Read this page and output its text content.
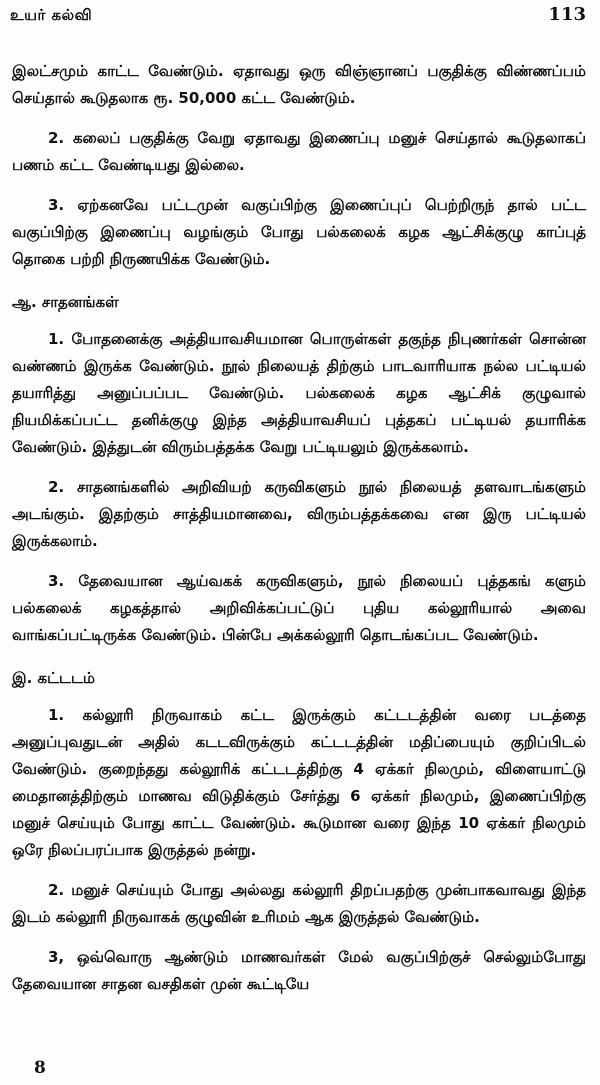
உயர் கல்வி	113

இலட்சமும் காட்ட வேண்டும். ஏதாவது ஒரு விஞ்ஞானப் பகுதிக்கு விண்ணப்பம் செய்தால் கூடுதலாக ரூ. 50,000 கட்ட வேண்டும்.

2. கலைப் பகுதிக்கு வேறு ஏதாவது இணைப்பு மனுச் செய்தால் கூடுதலாகப் பணம் கட்ட வேண்டியது இல்லை.

3. ஏற்கனவே பட்டமுன் வகுப்பிற்கு இணைப்புப் பெற்றிருந் தால் பட்ட வகுப்பிற்கு இணைப்பு வழங்கும் போது பல்கலைக் கழக ஆட்சிக்குழு காப்புத் தொகை பற்றி நிருணயிக்க வேண்டும்.

ஆ. சாதனங்கள்

1. போதனைக்கு அத்தியாவசியமான பொருள்கள் தகுந்த நிபுணர்கள் சொன்ன வண்ணம் இருக்க வேண்டும். நூல் நிலையத் திற்கும் பாடவாரியாக நல்ல பட்டியல் தயாரித்து அனுப்பப்பட வேண்டும். பல்கலைக் கழக ஆட்சிக் குழுவால் நியமிக்கப்பட்ட தனிக்குழு இந்த அத்தியாவசியப் புத்தகப் பட்டியல் தயாரிக்க வேண்டும். இத்துடன் விரும்பத்தக்க வேறு பட்டியலும் இருக்கலாம்.

2. சாதனங்களில் அறிவியற் கருவிகளும் நூல் நிலையத் தளவாடங்களும் அடங்கும். இதற்கும் சாத்தியமானவை, விரும்பத்தக்கவை என இரு பட்டியல் இருக்கலாம்.

3. தேவையான ஆய்வகக் கருவிகளும், நூல் நிலையப் புத்தகங் களும் பல்கலைக் கழகத்தால் அறிவிக்கப்பட்டுப் புதிய கல்லூரியால் அவை வாங்கப்பட்டிருக்க வேண்டும். பின்பே அக்கல்லூரி தொடங்கப்பட வேண்டும்.

இ. கட்டடம்

1. கல்லூரி நிருவாகம் கட்ட இருக்கும் கட்டடத்தின் வரை படத்தை அனுப்புவதுடன் அதில் கடடவிருக்கும் கட்டடத்தின் மதிப்பையும் குறிப்பிடல் வேண்டும். குறைந்தது கல்லூரிக் கட்டடத்திற்கு 4 ஏக்கர் நிலமும், விளையாட்டு மைதானத்திற்கும் மாணவ விடுதிக்கும் சேர்த்து 6 ஏக்கர் நிலமும், இணைப்பிற்கு மனுச் செய்யும் போது காட்ட வேண்டும். கூடுமான வரை இந்த 10 ஏக்கர் நிலமும் ஒரே நிலப்பரப்பாக இருத்தல் நன்று.

2. மனுச் செய்யும் போது அல்லது கல்லூரி திறப்பதற்கு முன்பாகவாவது இந்த இடம் கல்லூரி நிருவாகக் குழுவின் உரிமம் ஆக இருத்தல் வேண்டும்.

3, ஒவ்வொரு ஆண்டும் மாணவர்கள் மேல் வகுப்பிற்குச் செல்லும்போது தேவையான சாதன வசதிகள் முன் கூட்டியே

8
